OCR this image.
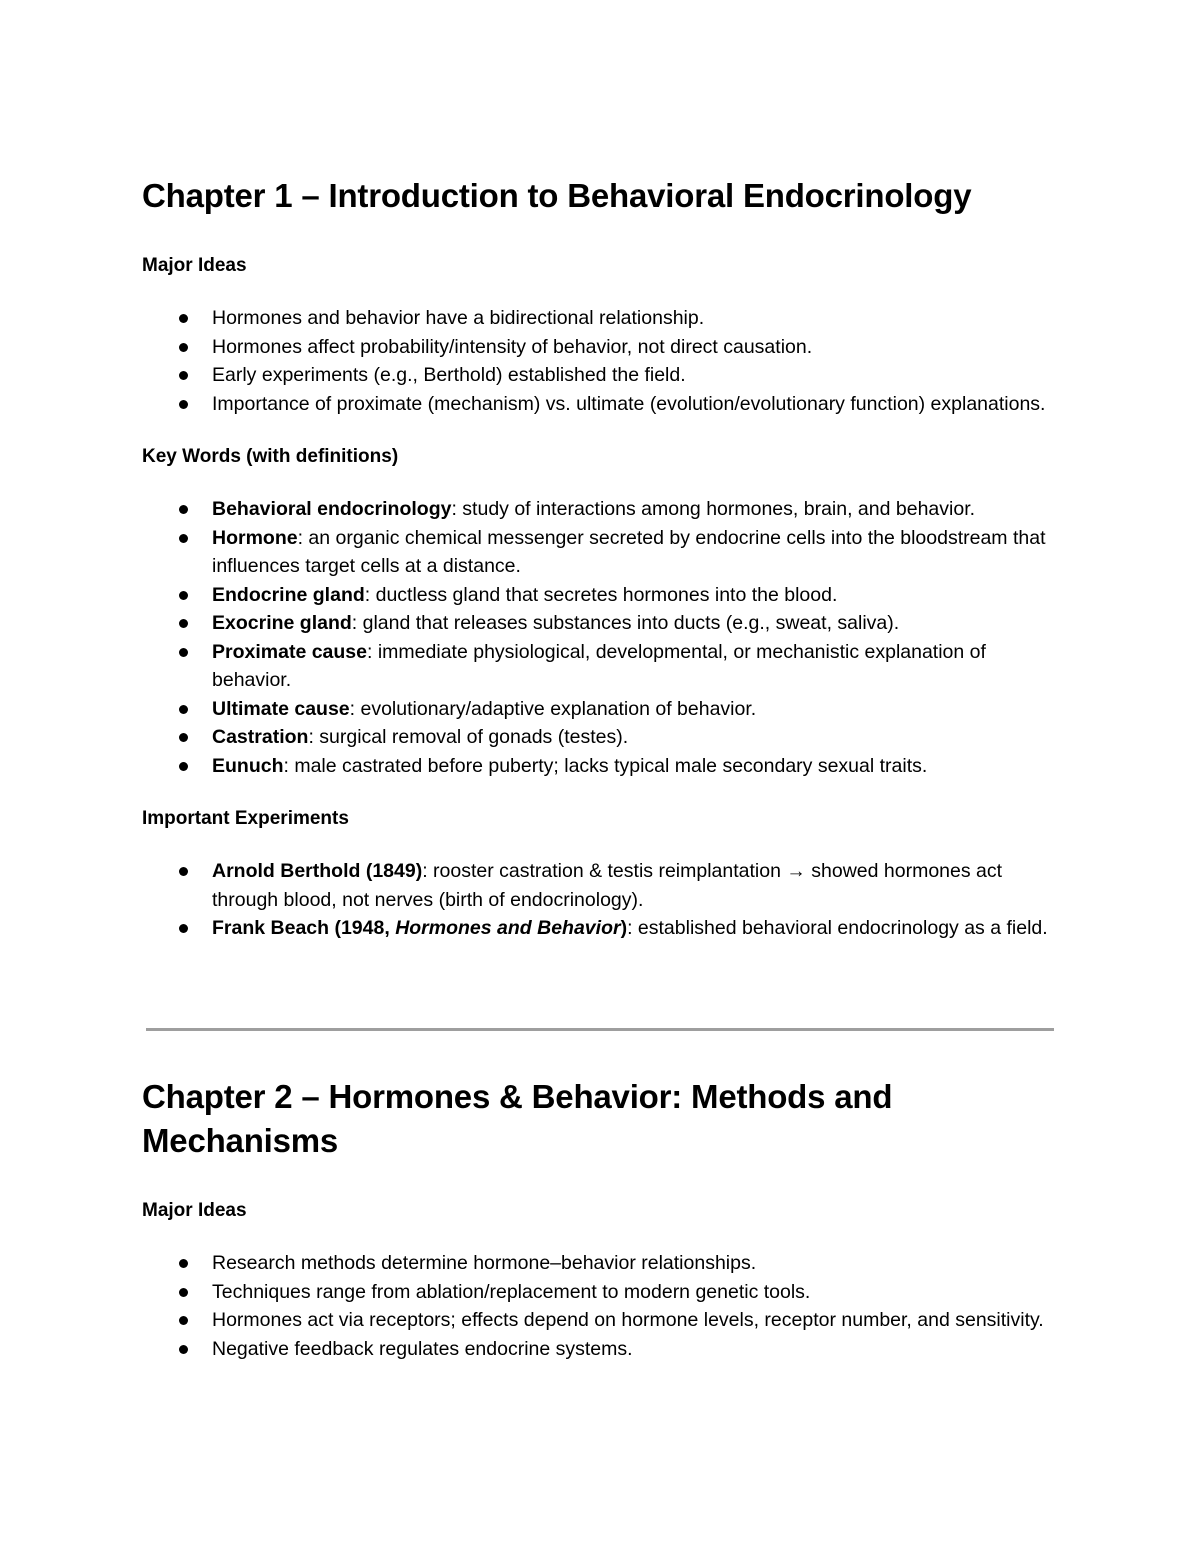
Chapter 1 – Introduction to Behavioral Endocrinology
Major Ideas
Hormones and behavior have a bidirectional relationship.
Hormones affect probability/intensity of behavior, not direct causation.
Early experiments (e.g., Berthold) established the field.
Importance of proximate (mechanism) vs. ultimate (evolution/evolutionary function) explanations.
Key Words (with definitions)
Behavioral endocrinology: study of interactions among hormones, brain, and behavior.
Hormone: an organic chemical messenger secreted by endocrine cells into the bloodstream that influences target cells at a distance.
Endocrine gland: ductless gland that secretes hormones into the blood.
Exocrine gland: gland that releases substances into ducts (e.g., sweat, saliva).
Proximate cause: immediate physiological, developmental, or mechanistic explanation of behavior.
Ultimate cause: evolutionary/adaptive explanation of behavior.
Castration: surgical removal of gonads (testes).
Eunuch: male castrated before puberty; lacks typical male secondary sexual traits.
Important Experiments
Arnold Berthold (1849): rooster castration & testis reimplantation → showed hormones act through blood, not nerves (birth of endocrinology).
Frank Beach (1948, Hormones and Behavior): established behavioral endocrinology as a field.
Chapter 2 – Hormones & Behavior: Methods and Mechanisms
Major Ideas
Research methods determine hormone–behavior relationships.
Techniques range from ablation/replacement to modern genetic tools.
Hormones act via receptors; effects depend on hormone levels, receptor number, and sensitivity.
Negative feedback regulates endocrine systems.
